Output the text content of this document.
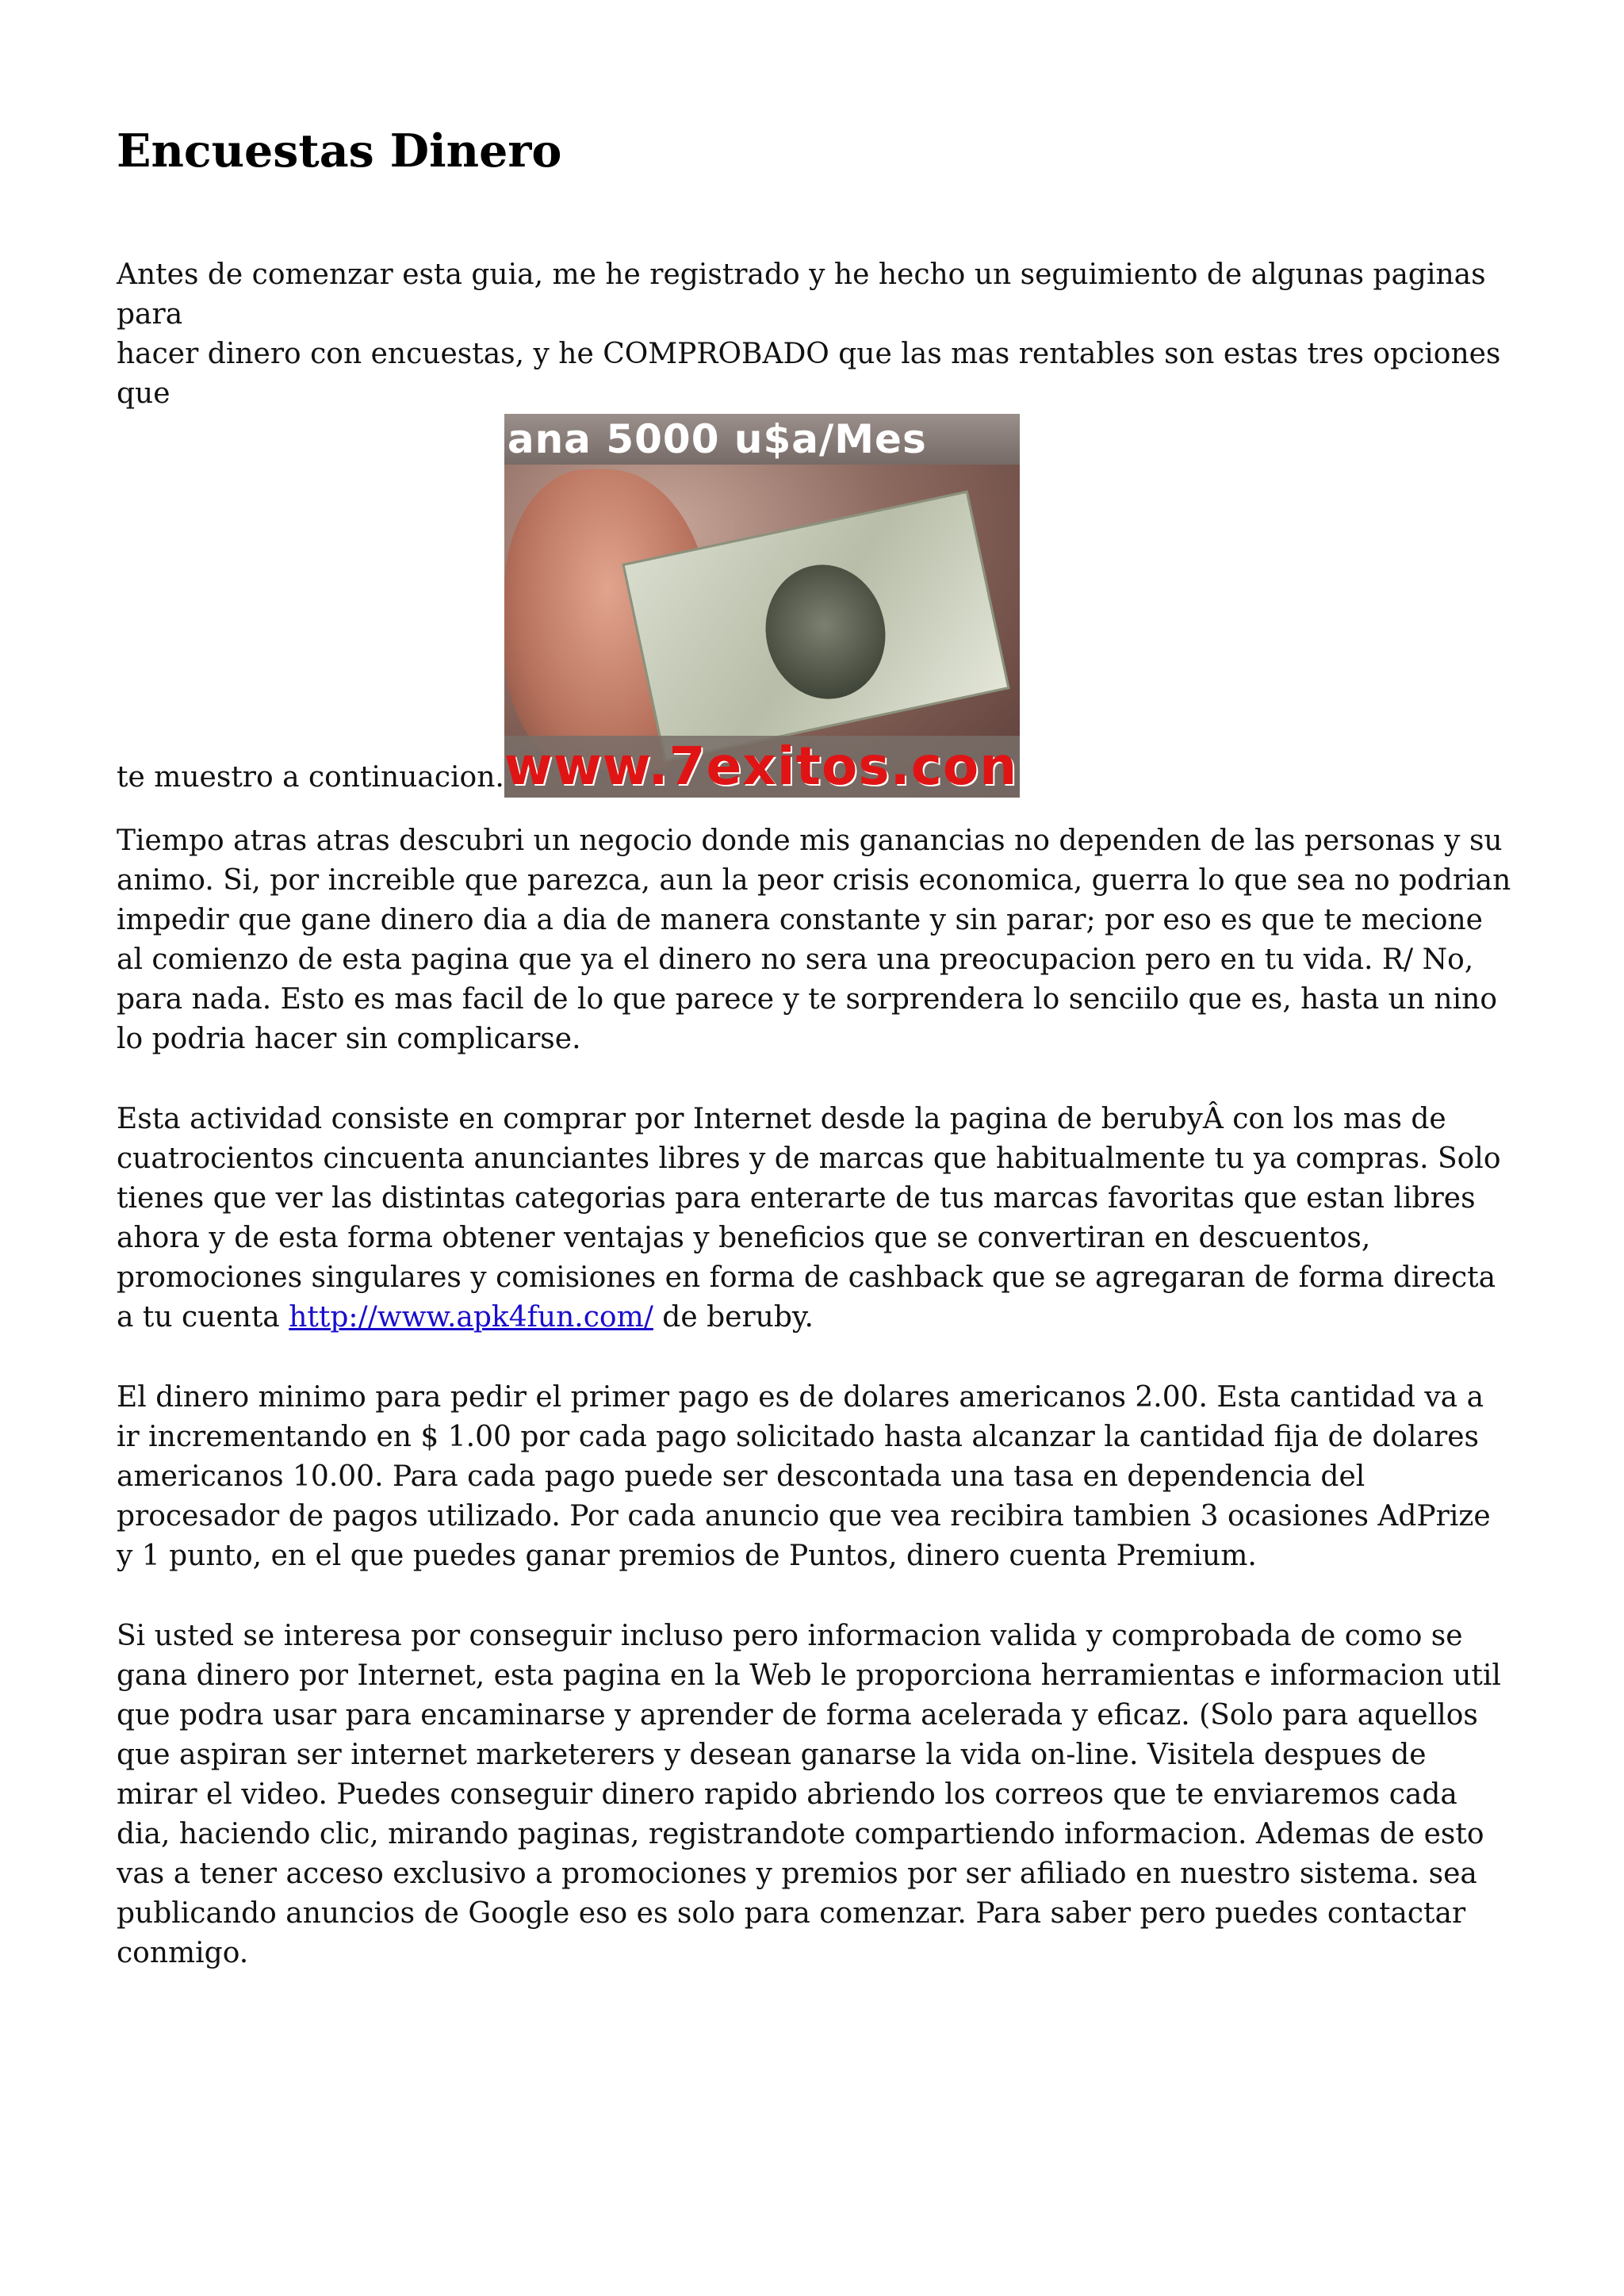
Encuestas Dinero

Antes de comenzar esta guia, me he registrado y he hecho un seguimiento de algunas paginas para
hacer dinero con encuestas, y he COMPROBADO que las mas rentables son estas tres opciones que
te muestro a continuacion.
ana 5000 u$a/Mes
www.7exitos.con

Tiempo atras atras descubri un negocio donde mis ganancias no dependen de las personas y su animo. Si, por increible que parezca, aun la peor crisis economica, guerra lo que sea no podrian impedir que gane dinero dia a dia de manera constante y sin parar; por eso es que te mecione al comienzo de esta pagina que ya el dinero no sera una preocupacion pero en tu vida. R/ No, para nada. Esto es mas facil de lo que parece y te sorprendera lo senciilo que es, hasta un nino lo podria hacer sin complicarse.

Esta actividad consiste en comprar por Internet desde la pagina de berubyÂ con los mas de cuatrocientos cincuenta anunciantes libres y de marcas que habitualmente tu ya compras. Solo tienes que ver las distintas categorias para enterarte de tus marcas favoritas que estan libres ahora y de esta forma obtener ventajas y beneficios que se convertiran en descuentos, promociones singulares y comisiones en forma de cashback que se agregaran de forma directa a tu cuenta http://www.apk4fun.com/ de beruby.

El dinero minimo para pedir el primer pago es de dolares americanos 2.00. Esta cantidad va a ir incrementando en $ 1.00 por cada pago solicitado hasta alcanzar la cantidad fija de dolares americanos 10.00. Para cada pago puede ser descontada una tasa en dependencia del procesador de pagos utilizado. Por cada anuncio que vea recibira tambien 3 ocasiones AdPrize y 1 punto, en el que puedes ganar premios de Puntos, dinero cuenta Premium.

Si usted se interesa por conseguir incluso pero informacion valida y comprobada de como se gana dinero por Internet, esta pagina en la Web le proporciona herramientas e informacion util que podra usar para encaminarse y aprender de forma acelerada y eficaz. (Solo para aquellos que aspiran ser internet marketerers y desean ganarse la vida on-line. Visitela despues de mirar el video. Puedes conseguir dinero rapido abriendo los correos que te enviaremos cada dia, haciendo clic, mirando paginas, registrandote compartiendo informacion. Ademas de esto vas a tener acceso exclusivo a promociones y premios por ser afiliado en nuestro sistema. sea publicando anuncios de Google eso es solo para comenzar. Para saber pero puedes contactar conmigo.
